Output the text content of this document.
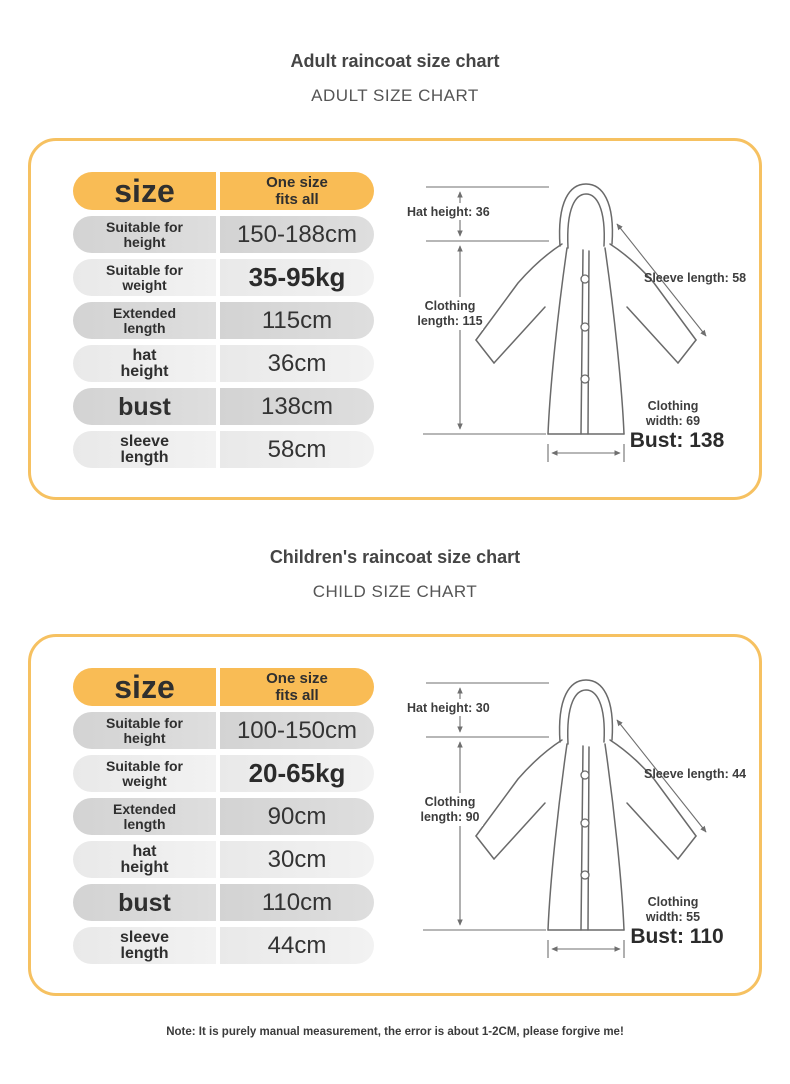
Adult raincoat size chart
ADULT SIZE CHART
size	One size
fits all
Suitable for
height	150-188cm
Suitable for
weight	35-95kg
Extended
length	115cm
hat
height	36cm
bust	138cm
sleeve
length	58cm
Hat height: 36
Clothing
length: 115
Sleeve length: 58
Clothing
width: 69
Bust: 138
Children's raincoat size chart
CHILD SIZE CHART
size	One size
fits all
Suitable for
height	100-150cm
Suitable for
weight	20-65kg
Extended
length	90cm
hat
height	30cm
bust	110cm
sleeve
length	44cm
Hat height: 30
Clothing
length: 90
Sleeve length: 44
Clothing
width: 55
Bust: 110
Note: It is purely manual measurement, the error is about 1-2CM, please forgive me!
